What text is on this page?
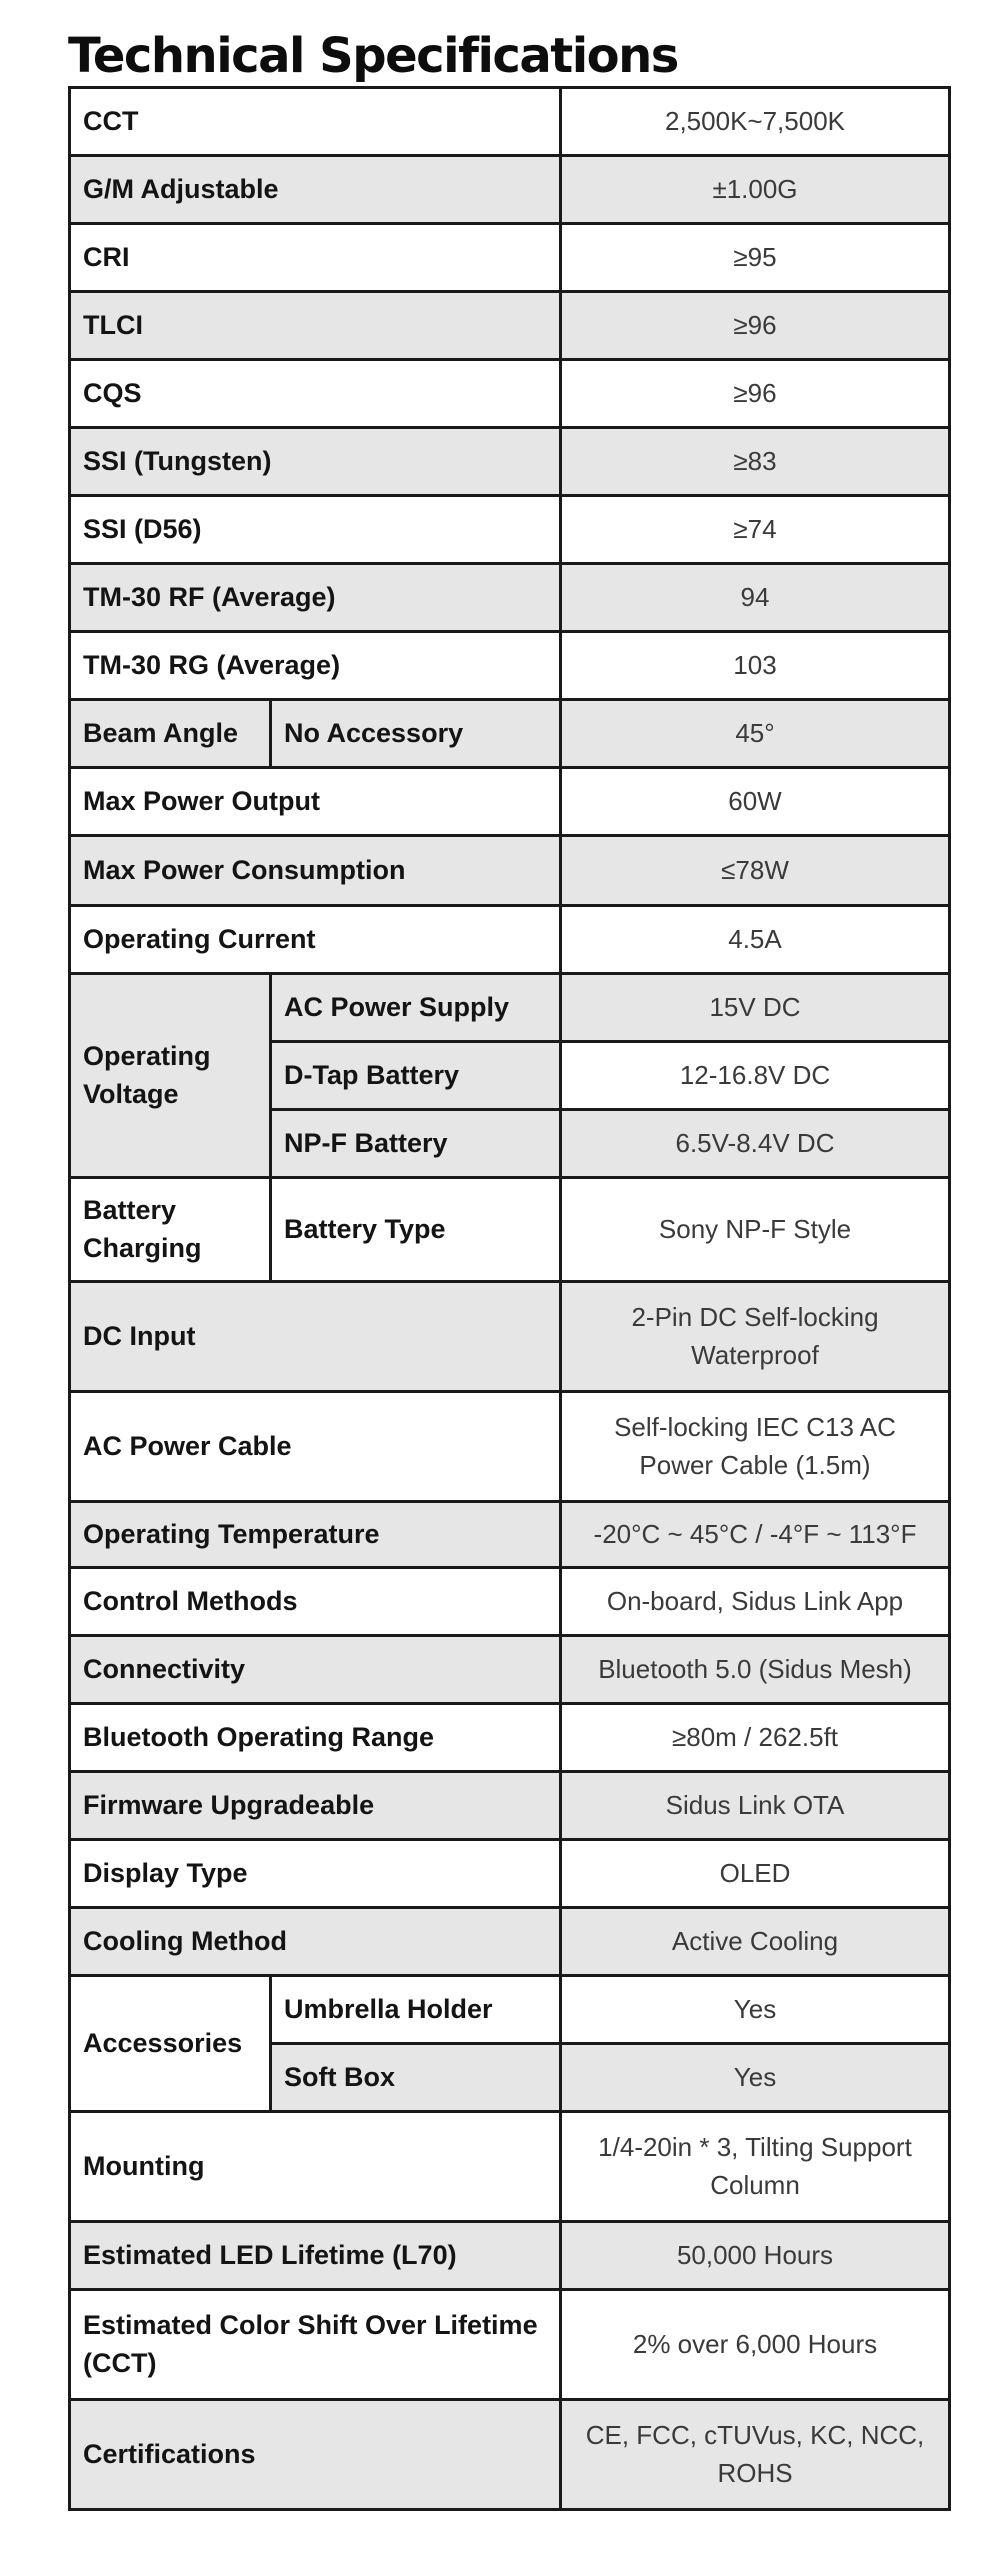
Technical Specifications
CCT		2,500K~7,500K
G/M Adjustable		±1.00G
CRI		≥95
TLCI		≥96
CQS		≥96
SSI (Tungsten)		≥83
SSI (D56)		≥74
TM-30 RF (Average)		94
TM-30 RG (Average)		103
Beam Angle	No Accessory	45°
Max Power Output		60W
Max Power Consumption		≤78W
Operating Current		4.5A
Operating Voltage	AC Power Supply	15V DC
	D-Tap Battery	12-16.8V DC
	NP-F Battery	6.5V-8.4V DC
Battery Charging	Battery Type	Sony NP-F Style
DC Input		2-Pin DC Self-locking Waterproof
AC Power Cable		Self-locking IEC C13 AC Power Cable (1.5m)
Operating Temperature		-20°C ~ 45°C / -4°F ~ 113°F
Control Methods		On-board, Sidus Link App
Connectivity		Bluetooth 5.0 (Sidus Mesh)
Bluetooth Operating Range		≥80m / 262.5ft
Firmware Upgradeable		Sidus Link OTA
Display Type		OLED
Cooling Method		Active Cooling
Accessories	Umbrella Holder	Yes
	Soft Box	Yes
Mounting		1/4-20in * 3, Tilting Support Column
Estimated LED Lifetime (L70)		50,000 Hours
Estimated Color Shift Over Lifetime (CCT)		2% over 6,000 Hours
Certifications		CE, FCC, cTUVus, KC, NCC, ROHS
